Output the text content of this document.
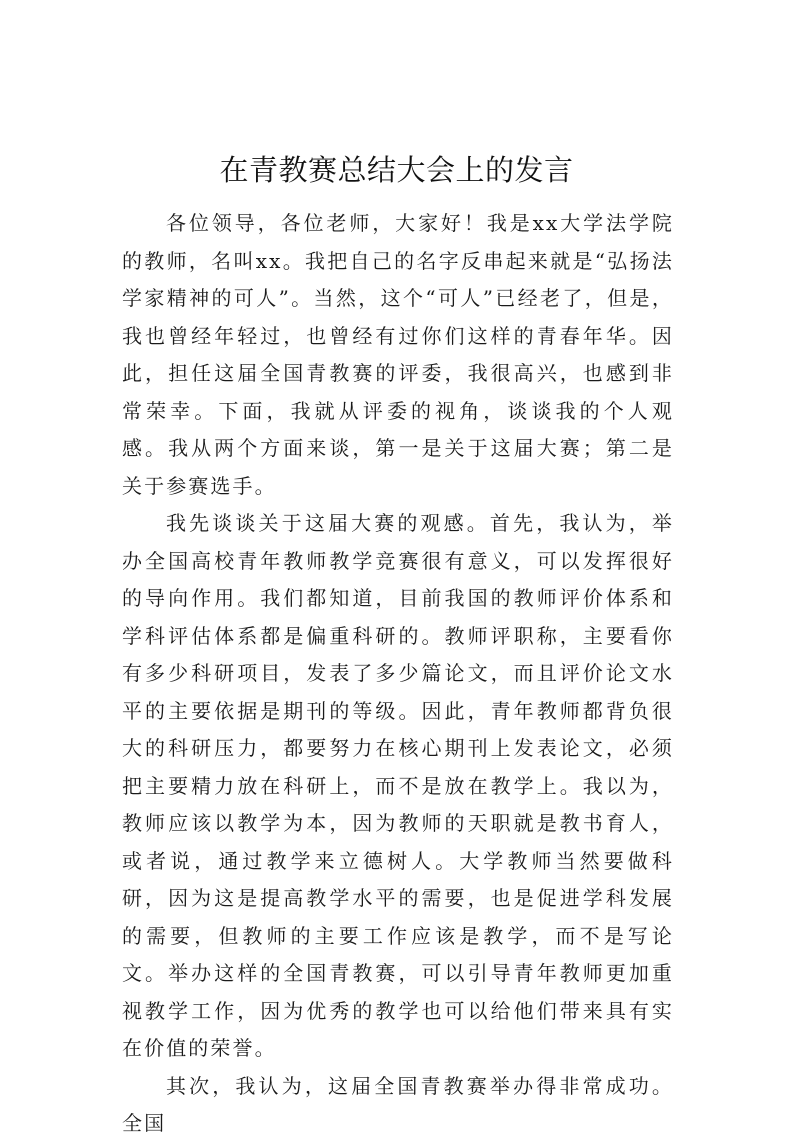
在青教赛总结大会上的发言

各位领导，各位老师，大家好！我是xx大学法学院的教师，名叫xx。我把自己的名字反串起来就是“弘扬法学家精神的可人”。当然，这个“可人”已经老了，但是，我也曾经年轻过，也曾经有过你们这样的青春年华。因此，担任这届全国青教赛的评委，我很高兴，也感到非常荣幸。下面，我就从评委的视角，谈谈我的个人观感。我从两个方面来谈，第一是关于这届大赛；第二是关于参赛选手。

我先谈谈关于这届大赛的观感。首先，我认为，举办全国高校青年教师教学竞赛很有意义，可以发挥很好的导向作用。我们都知道，目前我国的教师评价体系和学科评估体系都是偏重科研的。教师评职称，主要看你有多少科研项目，发表了多少篇论文，而且评价论文水平的主要依据是期刊的等级。因此，青年教师都背负很大的科研压力，都要努力在核心期刊上发表论文，必须把主要精力放在科研上，而不是放在教学上。我以为，教师应该以教学为本，因为教师的天职就是教书育人，或者说，通过教学来立德树人。大学教师当然要做科研，因为这是提高教学水平的需要，也是促进学科发展的需要，但教师的主要工作应该是教学，而不是写论文。举办这样的全国青教赛，可以引导青年教师更加重视教学工作，因为优秀的教学也可以给他们带来具有实在价值的荣誉。

其次，我认为，这届全国青教赛举办得非常成功。全国
